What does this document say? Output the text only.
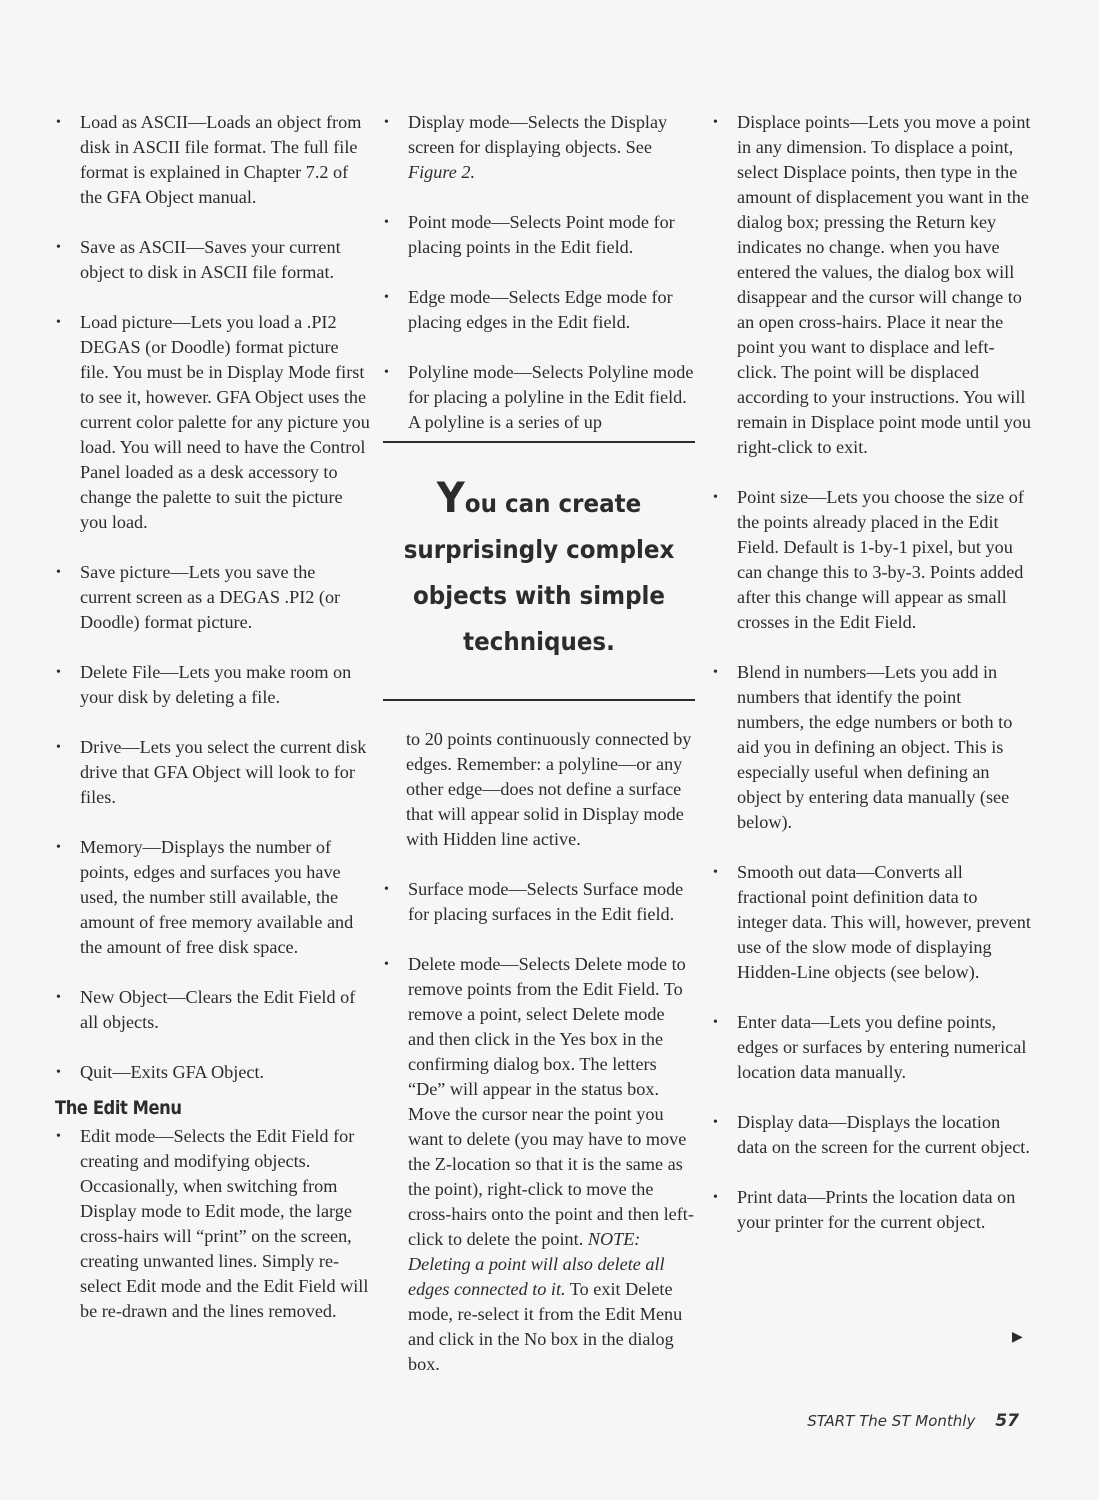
• Load as ASCII—Loads an object from disk in ASCII file format. The full file format is explained in Chapter 7.2 of the GFA Object manual.
• Save as ASCII—Saves your current object to disk in ASCII file format.
• Load picture—Lets you load a .PI2 DEGAS (or Doodle) format picture file. You must be in Display Mode first to see it, however. GFA Object uses the current color palette for any picture you load. You will need to have the Control Panel loaded as a desk accessory to change the palette to suit the picture you load.
• Save picture—Lets you save the current screen as a DEGAS .PI2 (or Doodle) format picture.
• Delete File—Lets you make room on your disk by deleting a file.
• Drive—Lets you select the current disk drive that GFA Object will look to for files.
• Memory—Displays the number of points, edges and surfaces you have used, the number still available, the amount of free memory available and the amount of free disk space.
• New Object—Clears the Edit Field of all objects.
• Quit—Exits GFA Object.
The Edit Menu
• Edit mode—Selects the Edit Field for creating and modifying objects. Occasionally, when switching from Display mode to Edit mode, the large cross-hairs will “print” on the screen, creating unwanted lines. Simply re-select Edit mode and the Edit Field will be re-drawn and the lines removed.
• Display mode—Selects the Display screen for displaying objects. See Figure 2.
• Point mode—Selects Point mode for placing points in the Edit field.
• Edge mode—Selects Edge mode for placing edges in the Edit field.
• Polyline mode—Selects Polyline mode for placing a polyline in the Edit field. A polyline is a series of up
You can create surprisingly complex objects with simple techniques.
to 20 points continuously connected by edges. Remember: a polyline—or any other edge—does not define a surface that will appear solid in Display mode with Hidden line active.
• Surface mode—Selects Surface mode for placing surfaces in the Edit field.
• Delete mode—Selects Delete mode to remove points from the Edit Field. To remove a point, select Delete mode and then click in the Yes box in the confirming dialog box. The letters “De” will appear in the status box. Move the cursor near the point you want to delete (you may have to move the Z-location so that it is the same as the point), right-click to move the cross-hairs onto the point and then left-click to delete the point. NOTE: Deleting a point will also delete all edges connected to it. To exit Delete mode, re-select it from the Edit Menu and click in the No box in the dialog box.
• Displace points—Lets you move a point in any dimension. To displace a point, select Displace points, then type in the amount of displacement you want in the dialog box; pressing the Return key indicates no change. when you have entered the values, the dialog box will disappear and the cursor will change to an open cross-hairs. Place it near the point you want to displace and left-click. The point will be displaced according to your instructions. You will remain in Displace point mode until you right-click to exit.
• Point size—Lets you choose the size of the points already placed in the Edit Field. Default is 1-by-1 pixel, but you can change this to 3-by-3. Points added after this change will appear as small crosses in the Edit Field.
• Blend in numbers—Lets you add in numbers that identify the point numbers, the edge numbers or both to aid you in defining an object. This is especially useful when defining an object by entering data manually (see below).
• Smooth out data—Converts all fractional point definition data to integer data. This will, however, prevent use of the slow mode of displaying Hidden-Line objects (see below).
• Enter data—Lets you define points, edges or surfaces by entering numerical location data manually.
• Display data—Displays the location data on the screen for the current object.
• Print data—Prints the location data on your printer for the current object.
▶
START The ST Monthly 57
